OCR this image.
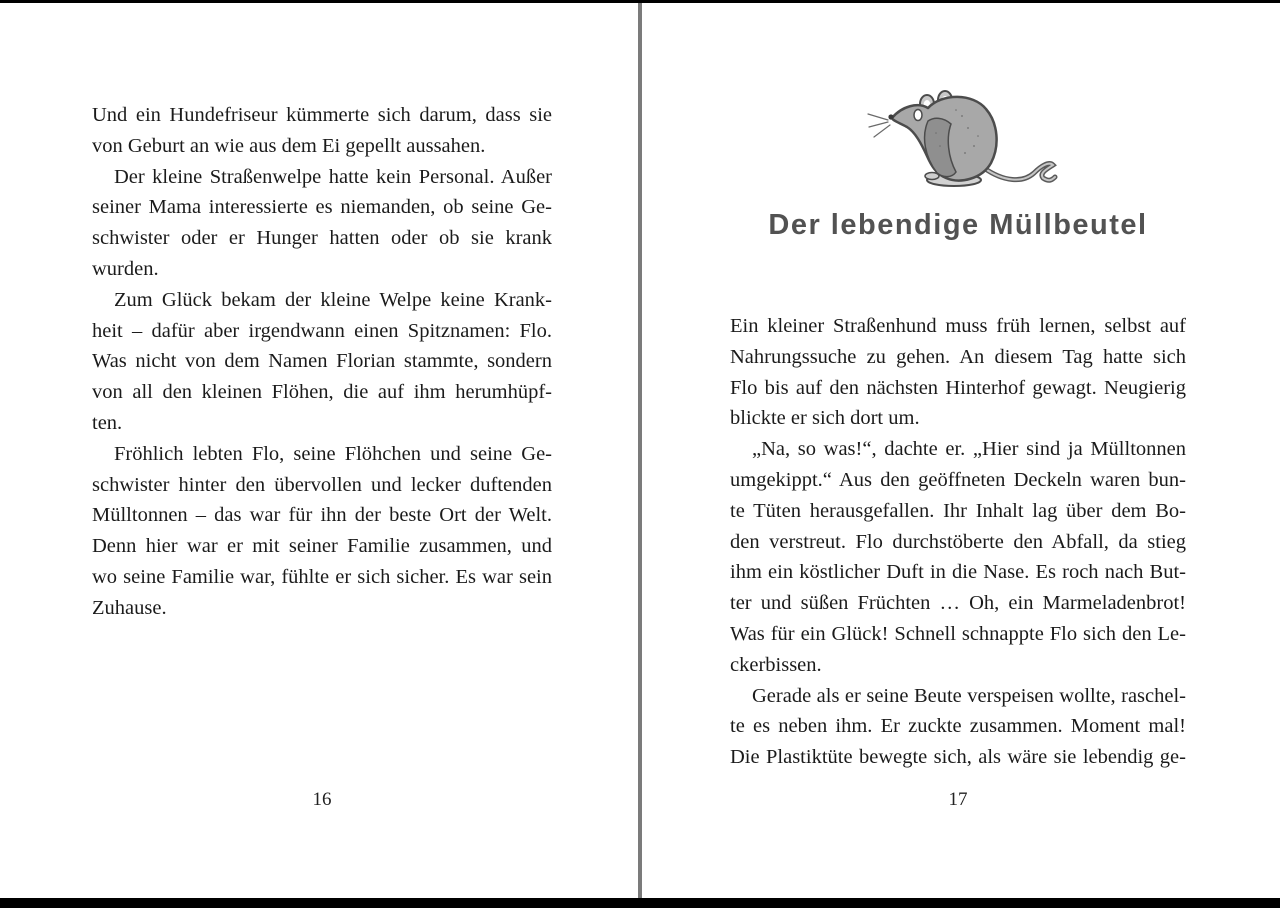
Und ein Hundefriseur kümmerte sich darum, dass sie
von Geburt an wie aus dem Ei gepellt aussahen.
Der kleine Straßenwelpe hatte kein Personal. Außer
seiner Mama interessierte es niemanden, ob seine Ge-
schwister oder er Hunger hatten oder ob sie krank
wurden.
Zum Glück bekam der kleine Welpe keine Krank-
heit – dafür aber irgendwann einen Spitznamen: Flo.
Was nicht von dem Namen Florian stammte, sondern
von all den kleinen Flöhen, die auf ihm herumhüpf-
ten.
Fröhlich lebten Flo, seine Flöhchen und seine Ge-
schwister hinter den übervollen und lecker duftenden
Mülltonnen – das war für ihn der beste Ort der Welt.
Denn hier war er mit seiner Familie zusammen, und
wo seine Familie war, fühlte er sich sicher. Es war sein
Zuhause.
16
Der lebendige Müllbeutel
Ein kleiner Straßenhund muss früh lernen, selbst auf
Nahrungssuche zu gehen. An diesem Tag hatte sich
Flo bis auf den nächsten Hinterhof gewagt. Neugierig
blickte er sich dort um.
„Na, so was!“, dachte er. „Hier sind ja Mülltonnen
umgekippt.“ Aus den geöffneten Deckeln waren bun-
te Tüten herausgefallen. Ihr Inhalt lag über dem Bo-
den verstreut. Flo durchstöberte den Abfall, da stieg
ihm ein köstlicher Duft in die Nase. Es roch nach But-
ter und süßen Früchten … Oh, ein Marmeladenbrot!
Was für ein Glück! Schnell schnappte Flo sich den Le-
ckerbissen.
Gerade als er seine Beute verspeisen wollte, raschel-
te es neben ihm. Er zuckte zusammen. Moment mal!
Die Plastiktüte bewegte sich, als wäre sie lebendig ge-
17
